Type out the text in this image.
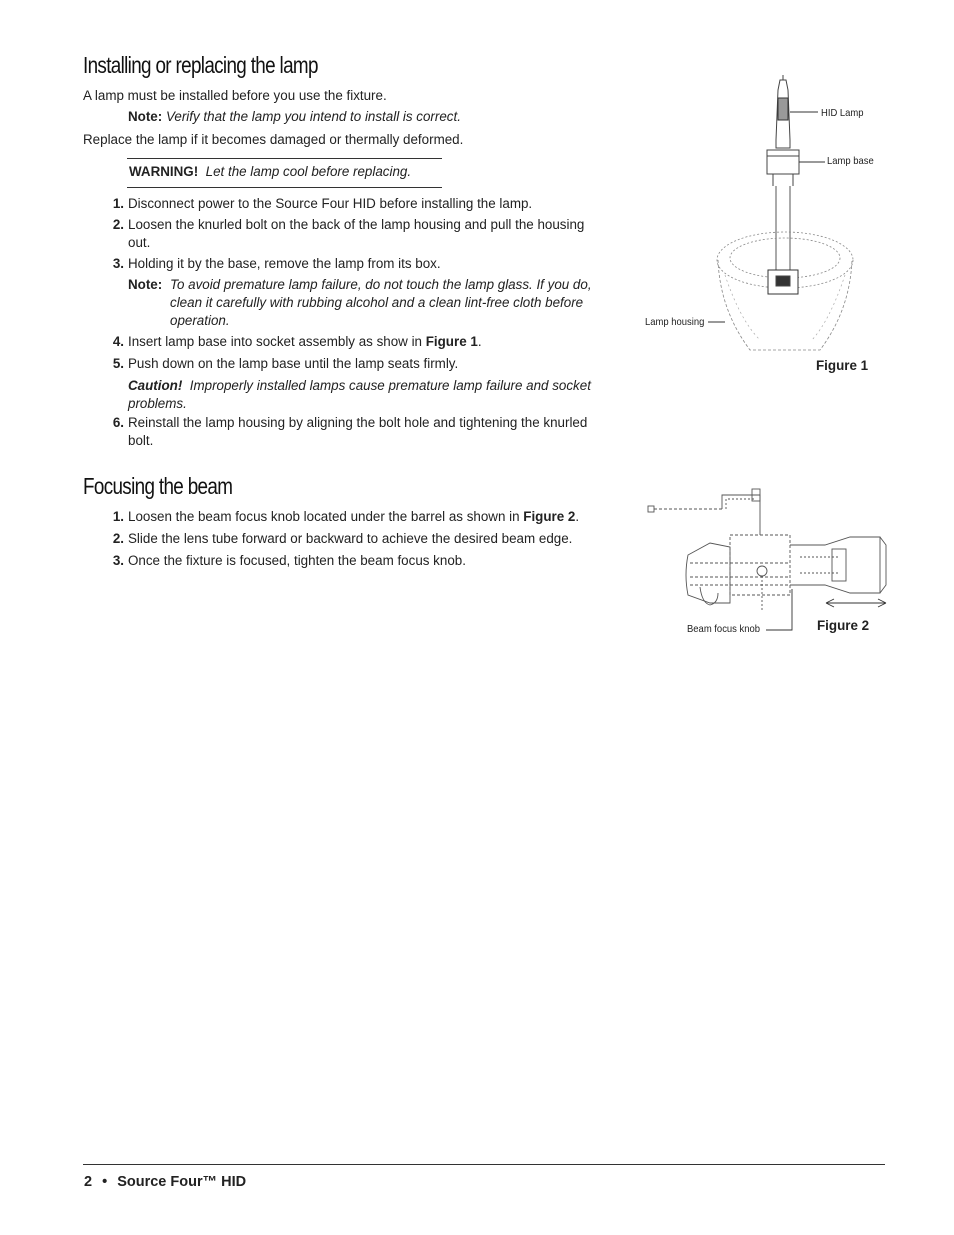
Installing or replacing the lamp
A lamp must be installed before you use the fixture.
Note: Verify that the lamp you intend to install is correct.
Replace the lamp if it becomes damaged or thermally deformed.
WARNING! Let the lamp cool before replacing.
1. Disconnect power to the Source Four HID before installing the lamp.
2. Loosen the knurled bolt on the back of the lamp housing and pull the housing
out.
3. Holding it by the base, remove the lamp from its box.
Note: To avoid premature lamp failure, do not touch the lamp glass. If you do,
clean it carefully with rubbing alcohol and a clean lint-free cloth before
operation.
4. Insert lamp base into socket assembly as show in Figure 1.
5. Push down on the lamp base until the lamp seats firmly.
Caution! Improperly installed lamps cause premature lamp failure and socket
problems.
6. Reinstall the lamp housing by aligning the bolt hole and tightening the knurled
bolt.
HID Lamp
Lamp base
Lamp housing
Figure 1
Focusing the beam
1. Loosen the beam focus knob located under the barrel as shown in Figure 2.
2. Slide the lens tube forward or backward to achieve the desired beam edge.
3. Once the fixture is focused, tighten the beam focus knob.
Beam focus knob	Figure 2
2 • Source Four™ HID
